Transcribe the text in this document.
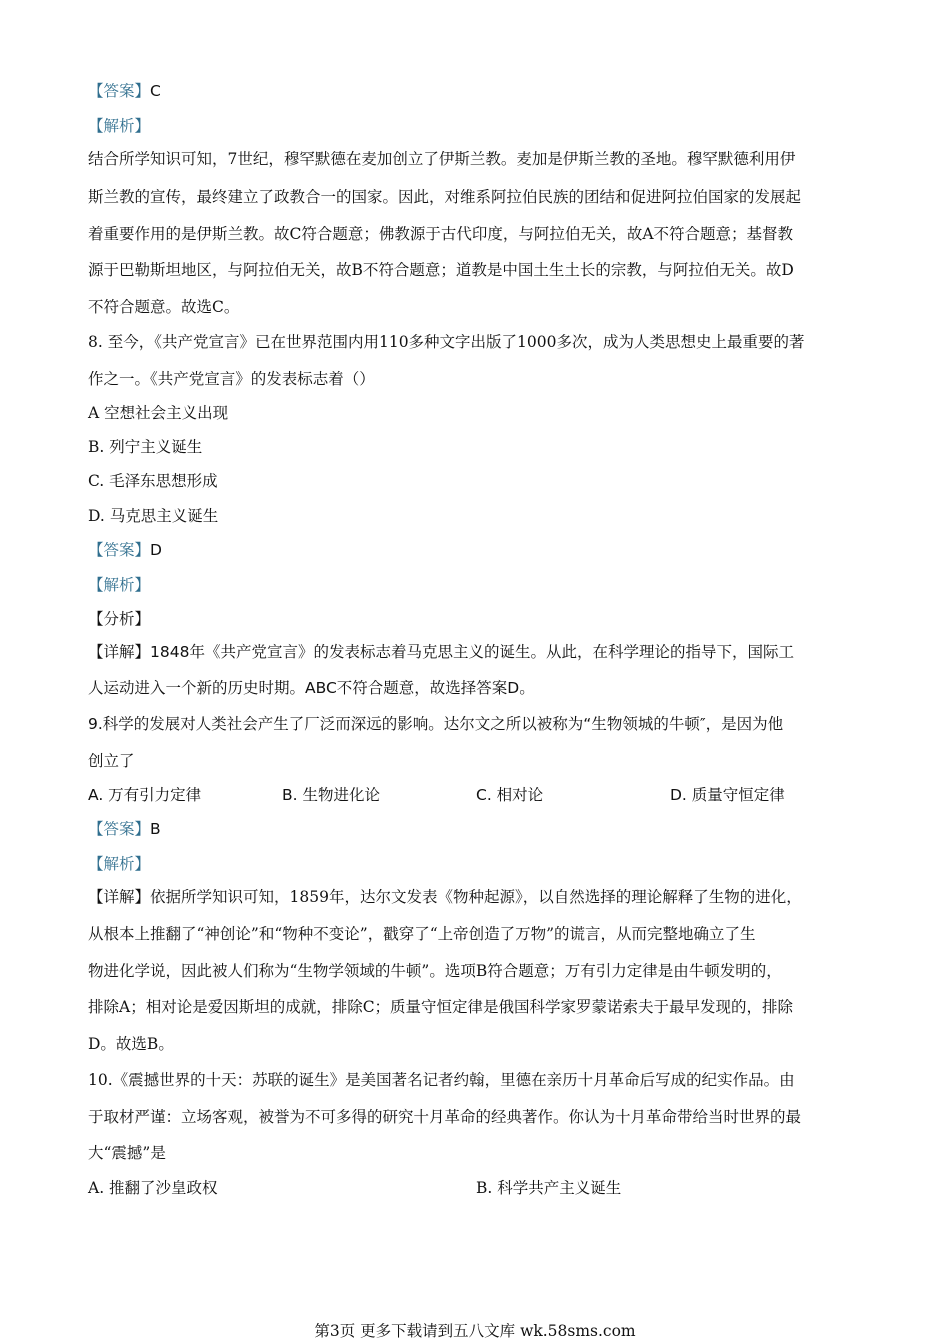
【答案】C
【解析】
结合所学知识可知，7世纪，穆罕默德在麦加创立了伊斯兰教。麦加是伊斯兰教的圣地。穆罕默德利用伊
斯兰教的宣传，最终建立了政教合一的国家。因此，对维系阿拉伯民族的团结和促进阿拉伯国家的发展起
着重要作用的是伊斯兰教。故C符合题意；佛教源于古代印度，与阿拉伯无关，故A不符合题意；基督教
源于巴勒斯坦地区，与阿拉伯无关，故B不符合题意；道教是中国土生土长的宗教，与阿拉伯无关。故D
不符合题意。故选C。
8. 至今，《共产党宣言》已在世界范围内用110多种文字出版了1000多次，成为人类思想史上最重要的著
作之一。《共产党宣言》的发表标志着（）
A 空想社会主义出现
B. 列宁主义诞生
C. 毛泽东思想形成
D. 马克思主义诞生
【答案】D
【解析】
【分析】
【详解】1848年《共产党宣言》的发表标志着马克思主义的诞生。从此，在科学理论的指导下，国际工
人运动进入一个新的历史时期。ABC不符合题意，故选择答案D。
9.科学的发展对人类社会产生了厂泛而深远的影响。达尔文之所以被称为“生物领城的牛顿″，是因为他
创立了
A. 万有引力定律	B. 生物进化论	C. 相对论	D. 质量守恒定律
【答案】B
【解析】
【详解】依据所学知识可知，1859年，达尔文发表《物种起源》，以自然选择的理论解释了生物的进化，
从根本上推翻了“神创论”和“物种不变论”，戳穿了“上帝创造了万物”的谎言，从而完整地确立了生
物进化学说，因此被人们称为“生物学领域的牛顿”。选项B符合题意；万有引力定律是由牛顿发明的，
排除A；相对论是爱因斯坦的成就，排除C；质量守恒定律是俄国科学家罗蒙诺索夫于最早发现的，排除
D。故选B。
10.《震撼世界的十天：苏联的诞生》是美国著名记者约翰，里德在亲历十月革命后写成的纪实作品。由
于取材严谨：立场客观，被誉为不可多得的研究十月革命的经典著作。你认为十月革命带给当时世界的最
大“震撼”是
A. 推翻了沙皇政权	B. 科学共产主义诞生
第3页 更多下载请到五八文库 wk.58sms.com
